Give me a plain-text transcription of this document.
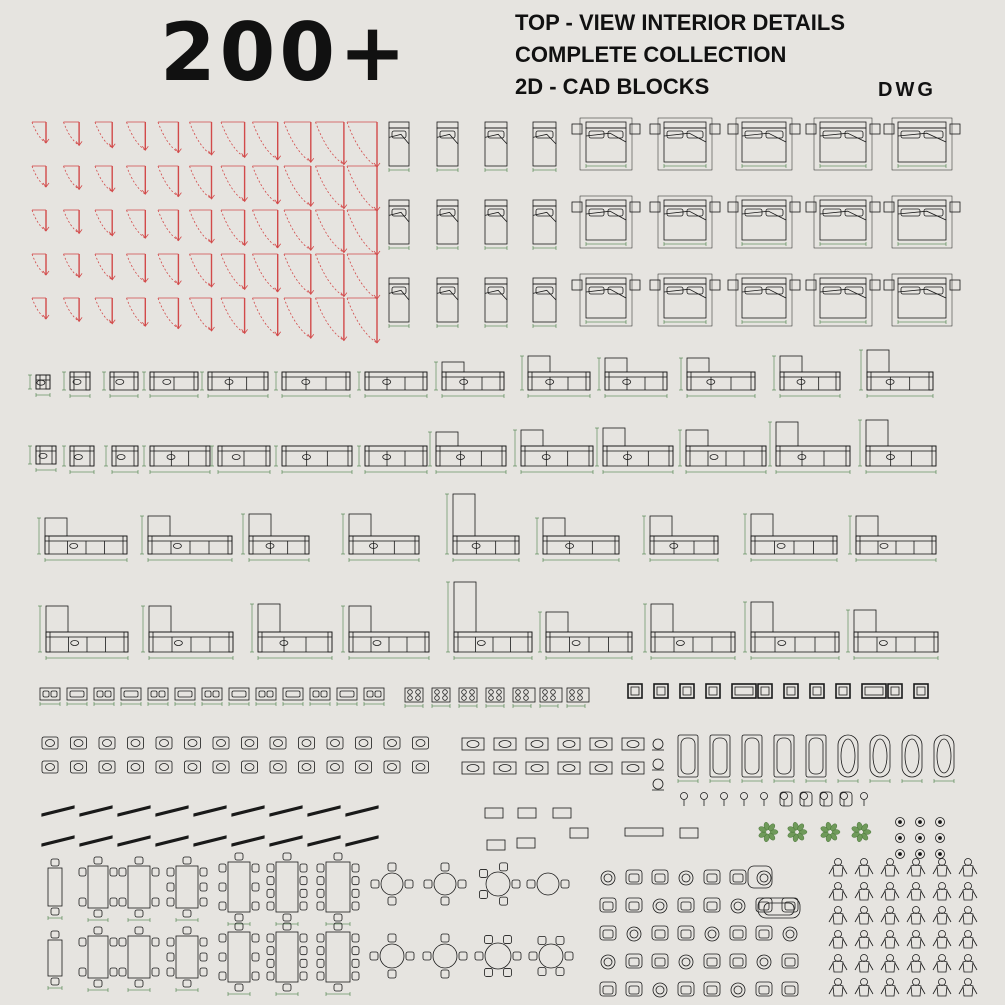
200+	TOP - VIEW INTERIOR DETAILS
COMPLETE COLLECTION
2D - CAD BLOCKS	DWG
